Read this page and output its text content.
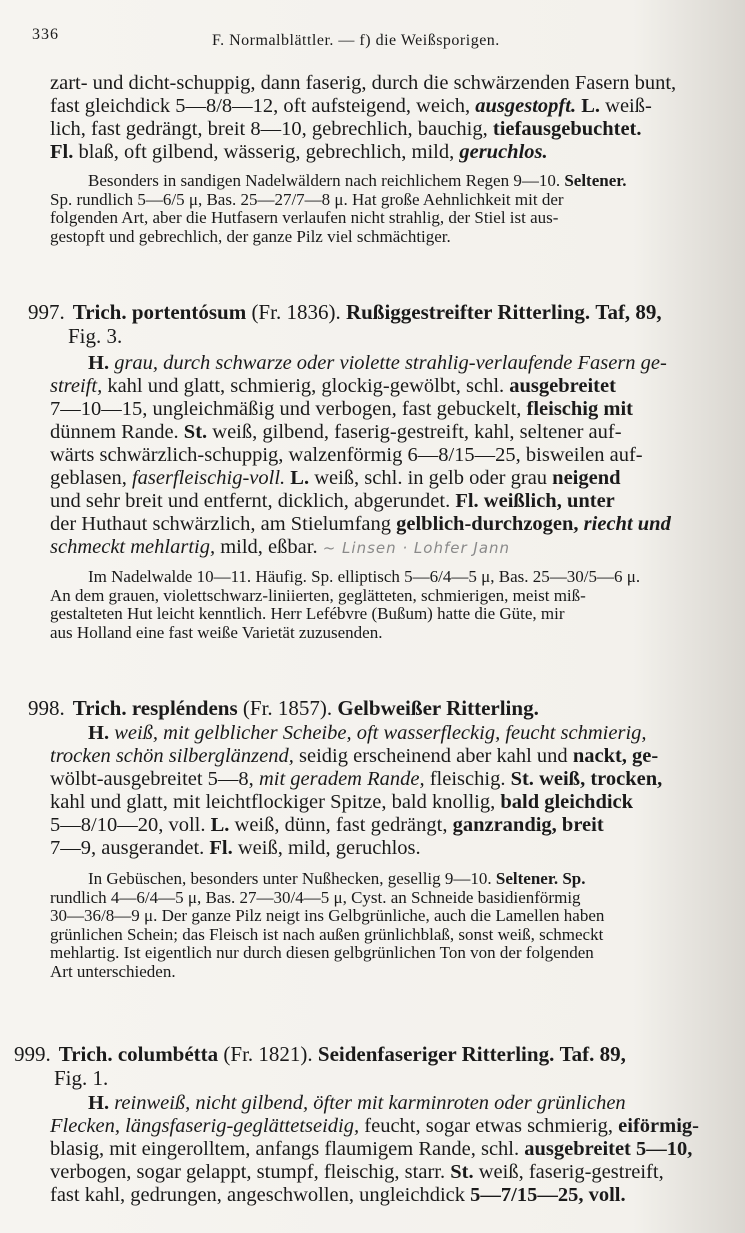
336	F. Normalblättler. — f) die Weißsporigen.

zart- und dicht-schuppig, dann faserig, durch die schwärzenden Fasern bunt,

fast gleichdick 5—8/8—12, oft aufsteigend, weich, ausgestopft. L. weiß-

lich, fast gedrängt, breit 8—10, gebrechlich, bauchig, tiefausgebuchtet.

Fl. blaß, oft gilbend, wässerig, gebrechlich, mild, geruchlos.

Besonders in sandigen Nadelwäldern nach reichlichem Regen 9—10. Seltener.

Sp. rundlich 5—6/5 μ, Bas. 25—27/7—8 μ. Hat große Aehnlichkeit mit der

folgenden Art, aber die Hutfasern verlaufen nicht strahlig, der Stiel ist aus-

gestopft und gebrechlich, der ganze Pilz viel schmächtiger.

997. Trich. portentósum (Fr. 1836). Rußiggestreifter Ritterling. Taf, 89,

Fig. 3.

H. grau, durch schwarze oder violette strahlig-verlaufende Fasern ge-

streift, kahl und glatt, schmierig, glockig-gewölbt, schl. ausgebreitet

7—10—15, ungleichmäßig und verbogen, fast gebuckelt, fleischig mit

dünnem Rande. St. weiß, gilbend, faserig-gestreift, kahl, seltener auf-

wärts schwärzlich-schuppig, walzenförmig 6—8/15—25, bisweilen auf-

geblasen, faserfleischig-voll. L. weiß, schl. in gelb oder grau neigend

und sehr breit und entfernt, dicklich, abgerundet. Fl. weißlich, unter

der Huthaut schwärzlich, am Stielumfang gelblich-durchzogen, riecht und

schmeckt mehlartig, mild, eßbar. ~ Linsen · Lohfer Jann

Im Nadelwalde 10—11. Häufig. Sp. elliptisch 5—6/4—5 μ, Bas. 25—30/5—6 μ.

An dem grauen, violettschwarz-liniierten, geglätteten, schmierigen, meist miß-

gestalteten Hut leicht kenntlich. Herr Lefébvre (Bußum) hatte die Güte, mir

aus Holland eine fast weiße Varietät zuzusenden.

998. Trich. respléndens (Fr. 1857). Gelbweißer Ritterling.

H. weiß, mit gelblicher Scheibe, oft wasserfleckig, feucht schmierig,

trocken schön silberglänzend, seidig erscheinend aber kahl und nackt, ge-

wölbt-ausgebreitet 5—8, mit geradem Rande, fleischig. St. weiß, trocken,

kahl und glatt, mit leichtflockiger Spitze, bald knollig, bald gleichdick

5—8/10—20, voll. L. weiß, dünn, fast gedrängt, ganzrandig, breit

7—9, ausgerandet. Fl. weiß, mild, geruchlos.

In Gebüschen, besonders unter Nußhecken, gesellig 9—10. Seltener. Sp.

rundlich 4—6/4—5 μ, Bas. 27—30/4—5 μ, Cyst. an Schneide basidienförmig

30—36/8—9 μ. Der ganze Pilz neigt ins Gelbgrünliche, auch die Lamellen haben

grünlichen Schein; das Fleisch ist nach außen grünlichblaß, sonst weiß, schmeckt

mehlartig. Ist eigentlich nur durch diesen gelbgrünlichen Ton von der folgenden

Art unterschieden.

999. Trich. columbétta (Fr. 1821). Seidenfaseriger Ritterling. Taf. 89,

Fig. 1.

H. reinweiß, nicht gilbend, öfter mit karminroten oder grünlichen

Flecken, längsfaserig-geglättetseidig, feucht, sogar etwas schmierig, eiförmig-

blasig, mit eingerolltem, anfangs flaumigem Rande, schl. ausgebreitet 5—10,

verbogen, sogar gelappt, stumpf, fleischig, starr. St. weiß, faserig-gestreift,

fast kahl, gedrungen, angeschwollen, ungleichdick 5—7/15—25, voll.
